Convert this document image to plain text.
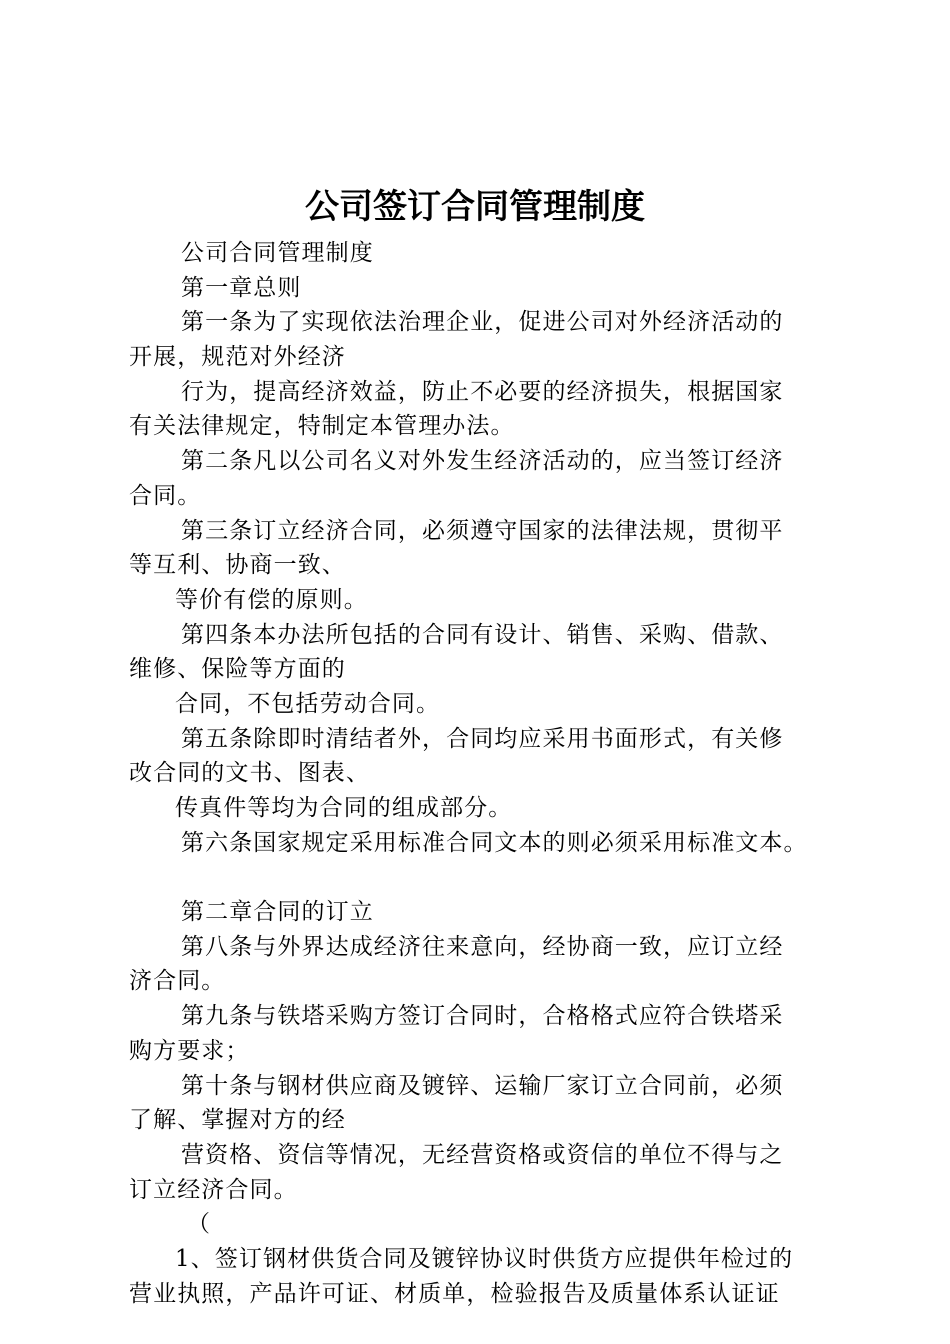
公司签订合同管理制度
公司合同管理制度
第一章总则
第一条为了实现依法治理企业，促进公司对外经济活动的
开展，规范对外经济
行为，提高经济效益，防止不必要的经济损失，根据国家
有关法律规定，特制定本管理办法。
第二条凡以公司名义对外发生经济活动的，应当签订经济
合同。
第三条订立经济合同，必须遵守国家的法律法规，贯彻平
等互利、协商一致、
等价有偿的原则。
第四条本办法所包括的合同有设计、销售、采购、借款、
维修、保险等方面的
合同，不包括劳动合同。
第五条除即时清结者外，合同均应采用书面形式，有关修
改合同的文书、图表、
传真件等均为合同的组成部分。
第六条国家规定采用标准合同文本的则必须采用标准文本。
第二章合同的订立
第八条与外界达成经济往来意向，经协商一致，应订立经
济合同。
第九条与铁塔采购方签订合同时，合格格式应符合铁塔采
购方要求；
第十条与钢材供应商及镀锌、运输厂家订立合同前，必须
了解、掌握对方的经
营资格、资信等情况，无经营资格或资信的单位不得与之
订立经济合同。
（
1、签订钢材供货合同及镀锌协议时供货方应提供年检过的
营业执照，产品许可证、材质单，检验报告及质量体系认证证
